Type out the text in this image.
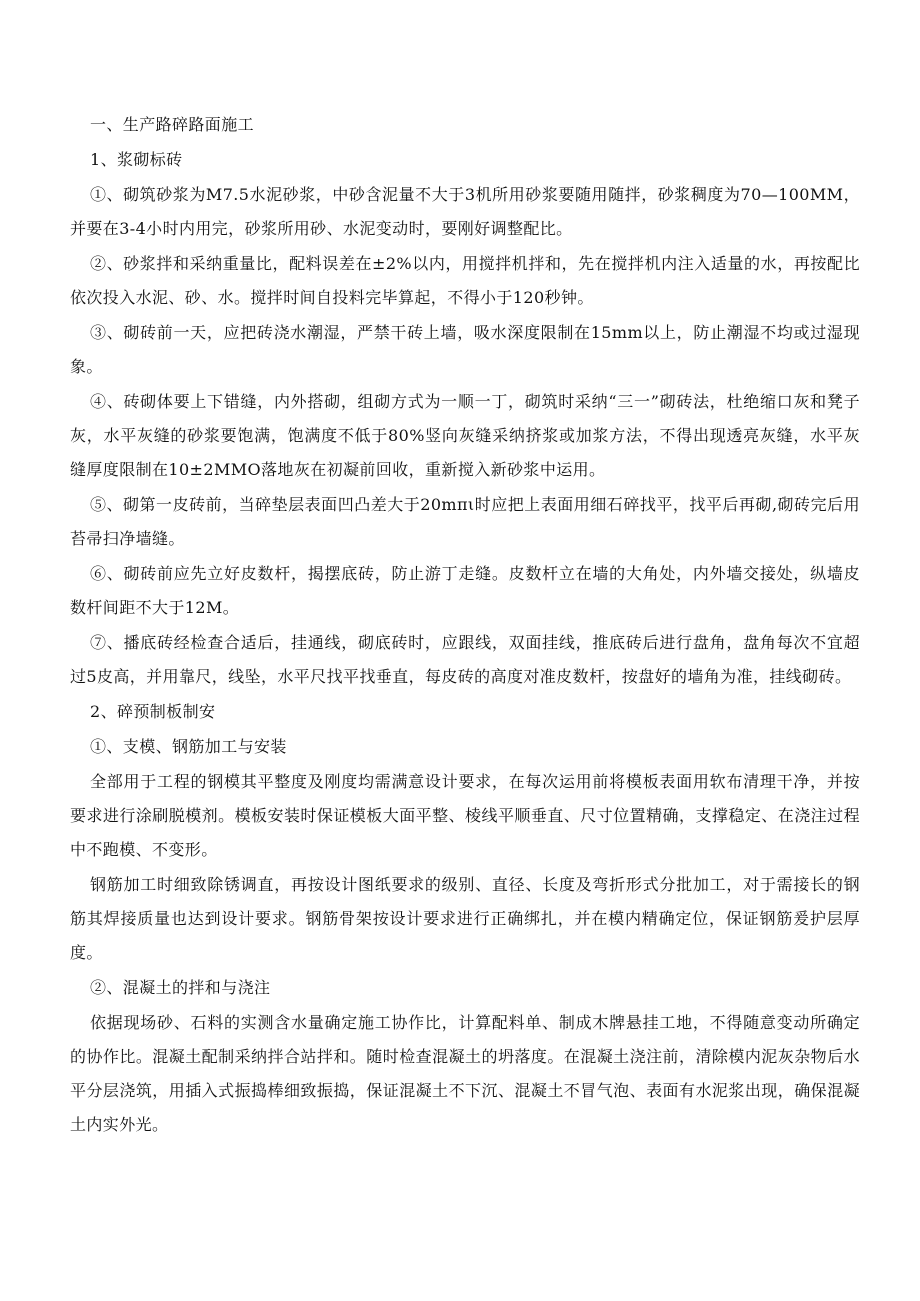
一、生产路碎路面施工

1、浆砌标砖

①、砌筑砂浆为M7.5水泥砂浆，中砂含泥量不大于3机所用砂浆要随用随拌，砂浆稠度为70—100MM，并要在3-4小时内用完，砂浆所用砂、水泥变动时，要刚好调整配比。

②、砂浆拌和采纳重量比，配料误差在±2%以内，用搅拌机拌和，先在搅拌机内注入适量的水，再按配比依次投入水泥、砂、水。搅拌时间自投料完毕算起，不得小于120秒钟。

③、砌砖前一天，应把砖浇水潮湿，严禁干砖上墙，吸水深度限制在15mm以上，防止潮湿不均或过湿现象。

④、砖砌体要上下错缝，内外搭砌，组砌方式为一顺一丁，砌筑时采纳“三一”砌砖法，杜绝缩口灰和凳子灰，水平灰缝的砂浆要饱满，饱满度不低于80%竖向灰缝采纳挤浆或加浆方法，不得出现透亮灰缝，水平灰缝厚度限制在10±2MMO落地灰在初凝前回收，重新搅入新砂浆中运用。

⑤、砌第一皮砖前，当碎垫层表面凹凸差大于20mπι时应把上表面用细石碎找平，找平后再砌,砌砖完后用苔帚扫净墙缝。

⑥、砌砖前应先立好皮数杆，揭摆底砖，防止游丁走缝。皮数杆立在墙的大角处，内外墙交接处，纵墙皮数杆间距不大于12M。

⑦、播底砖经检查合适后，挂通线，砌底砖时，应跟线，双面挂线，推底砖后进行盘角，盘角每次不宜超过5皮高，并用靠尺，线坠，水平尺找平找垂直，每皮砖的高度对准皮数杆，按盘好的墙角为准，挂线砌砖。

2、碎预制板制安

①、支模、钢筋加工与安装

全部用于工程的钢模其平整度及刚度均需满意设计要求，在每次运用前将模板表面用软布清理干净，并按要求进行涂刷脱模剂。模板安装时保证模板大面平整、棱线平顺垂直、尺寸位置精确，支撑稳定、在浇注过程中不跑模、不变形。

钢筋加工时细致除锈调直，再按设计图纸要求的级别、直径、长度及弯折形式分批加工，对于需接长的钢筋其焊接质量也达到设计要求。钢筋骨架按设计要求进行正确绑扎，并在模内精确定位，保证钢筋爰护层厚度。

②、混凝土的拌和与浇注

依据现场砂、石料的实测含水量确定施工协作比，计算配料单、制成木牌悬挂工地，不得随意变动所确定的协作比。混凝土配制采纳拌合站拌和。随时检查混凝土的坍落度。在混凝土浇注前，清除模内泥灰杂物后水平分层浇筑，用插入式振捣棒细致振捣，保证混凝土不下沉、混凝土不冒气泡、表面有水泥浆出现，确保混凝土内实外光。
